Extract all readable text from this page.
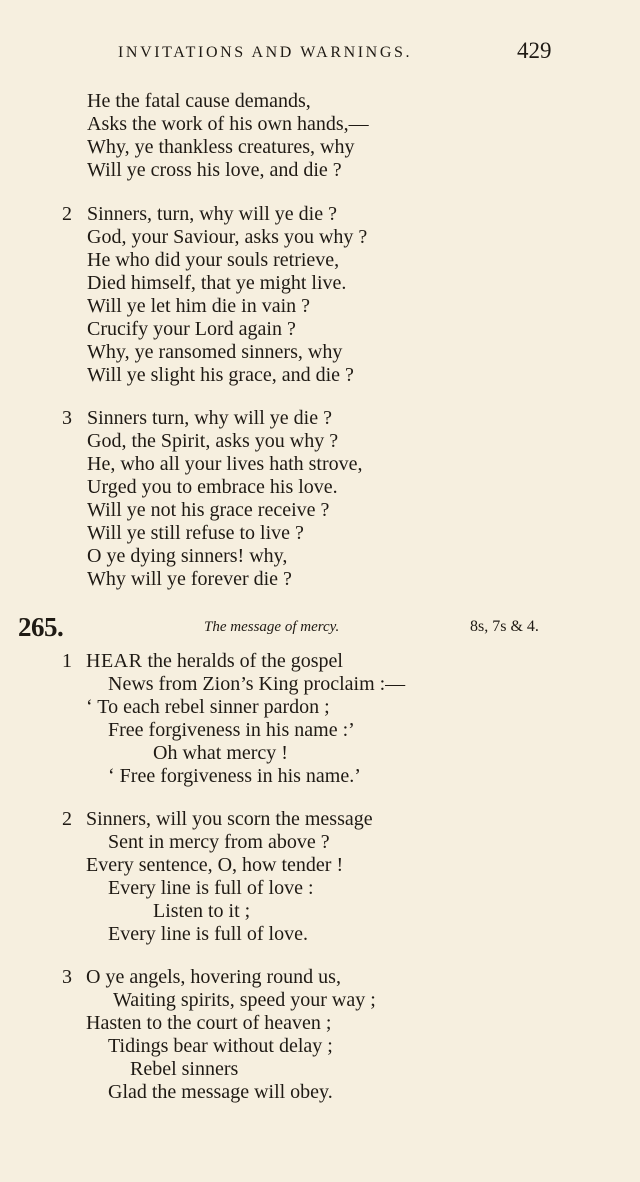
INVITATIONS AND WARNINGS.	429
He the fatal cause demands,
Asks the work of his own hands,—
Why, ye thankless creatures, why
Will ye cross his love, and die ?
2 Sinners, turn, why will ye die ?
God, your Saviour, asks you why ?
He who did your souls retrieve,
Died himself, that ye might live.
Will ye let him die in vain ?
Crucify your Lord again ?
Why, ye ransomed sinners, why
Will ye slight his grace, and die ?
3 Sinners turn, why will ye die ?
God, the Spirit, asks you why ?
He, who all your lives hath strove,
Urged you to embrace his love.
Will ye not his grace receive ?
Will ye still refuse to live ?
O ye dying sinners! why,
Why will ye forever die ?
265.	The message of mercy.	8s, 7s & 4.
1 HEAR the heralds of the gospel
News from Zion’s King proclaim :—
‘ To each rebel sinner pardon ;
Free forgiveness in his name :’
Oh what mercy !
‘ Free forgiveness in his name.’
2 Sinners, will you scorn the message
Sent in mercy from above ?
Every sentence, O, how tender !
Every line is full of love :
Listen to it ;
Every line is full of love.
3 O ye angels, hovering round us,
Waiting spirits, speed your way ;
Hasten to the court of heaven ;
Tidings bear without delay ;
Rebel sinners
Glad the message will obey.
